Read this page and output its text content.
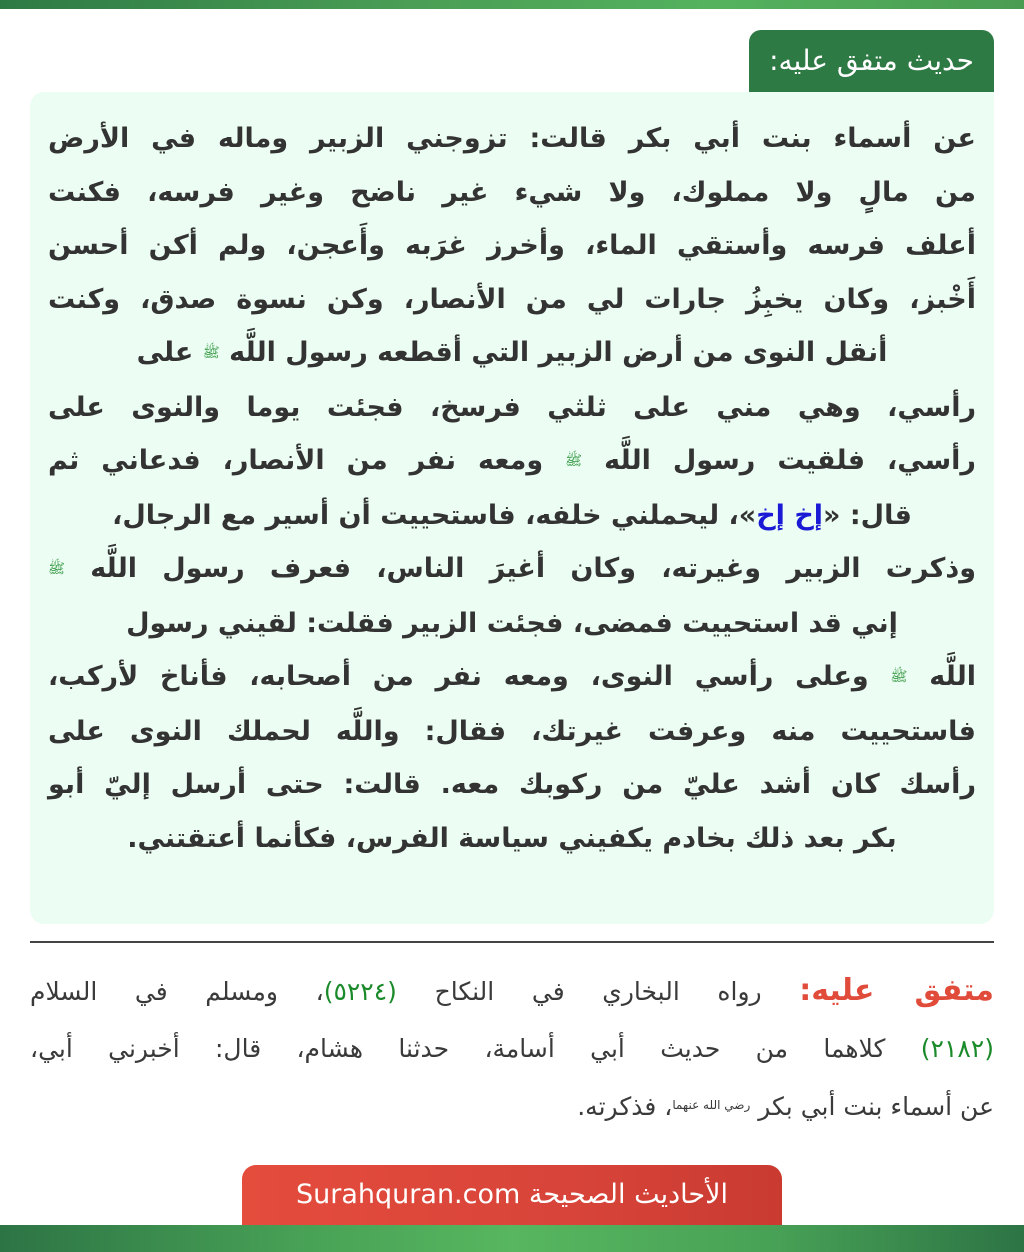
حديث متفق عليه:

عن أسماء بنت أبي بكر قالت: تزوجني الزبير وماله في الأرض
من مالٍ ولا مملوك، ولا شيء غير ناضح وغير فرسه، فكنت
أعلف فرسه وأستقي الماء، وأخرز غرَبه وأَعجن، ولم أكن أحسن
أَخْبز، وكان يخبِزُ جارات لي من الأنصار، وكن نسوة صدق، وكنت
أنقل النوى من أرض الزبير التي أقطعه رسول اللَّه ﷺ على
رأسي، وهي مني على ثلثي فرسخ، فجئت يوما والنوى على
رأسي، فلقيت رسول اللَّه ﷺ ومعه نفر من الأنصار، فدعاني ثم
قال: «إخ إخ»، ليحملني خلفه، فاستحييت أن أسير مع الرجال،
وذكرت الزبير وغيرته، وكان أغيرَ الناس، فعرف رسول اللَّه ﷺ
إني قد استحييت فمضى، فجئت الزبير فقلت: لقيني رسول
اللَّه ﷺ وعلى رأسي النوى، ومعه نفر من أصحابه، فأناخ لأركب،
فاستحييت منه وعرفت غيرتك، فقال: واللَّه لحملك النوى على
رأسك كان أشد عليّ من ركوبك معه. قالت: حتى أرسل إليّ أبو
بكر بعد ذلك بخادم يكفيني سياسة الفرس، فكأنما أعتقتني.

متفق عليه: رواه البخاري في النكاح (٥٢٢٤)، ومسلم في السلام
(٢١٨٢) كلاهما من حديث أبي أسامة، حدثنا هشام، قال: أخبرني أبي،
عن أسماء بنت أبي بكر $^{رضي الله عنهما}$، فذكرته.
الأحاديث الصحيحة Surahquran.com
